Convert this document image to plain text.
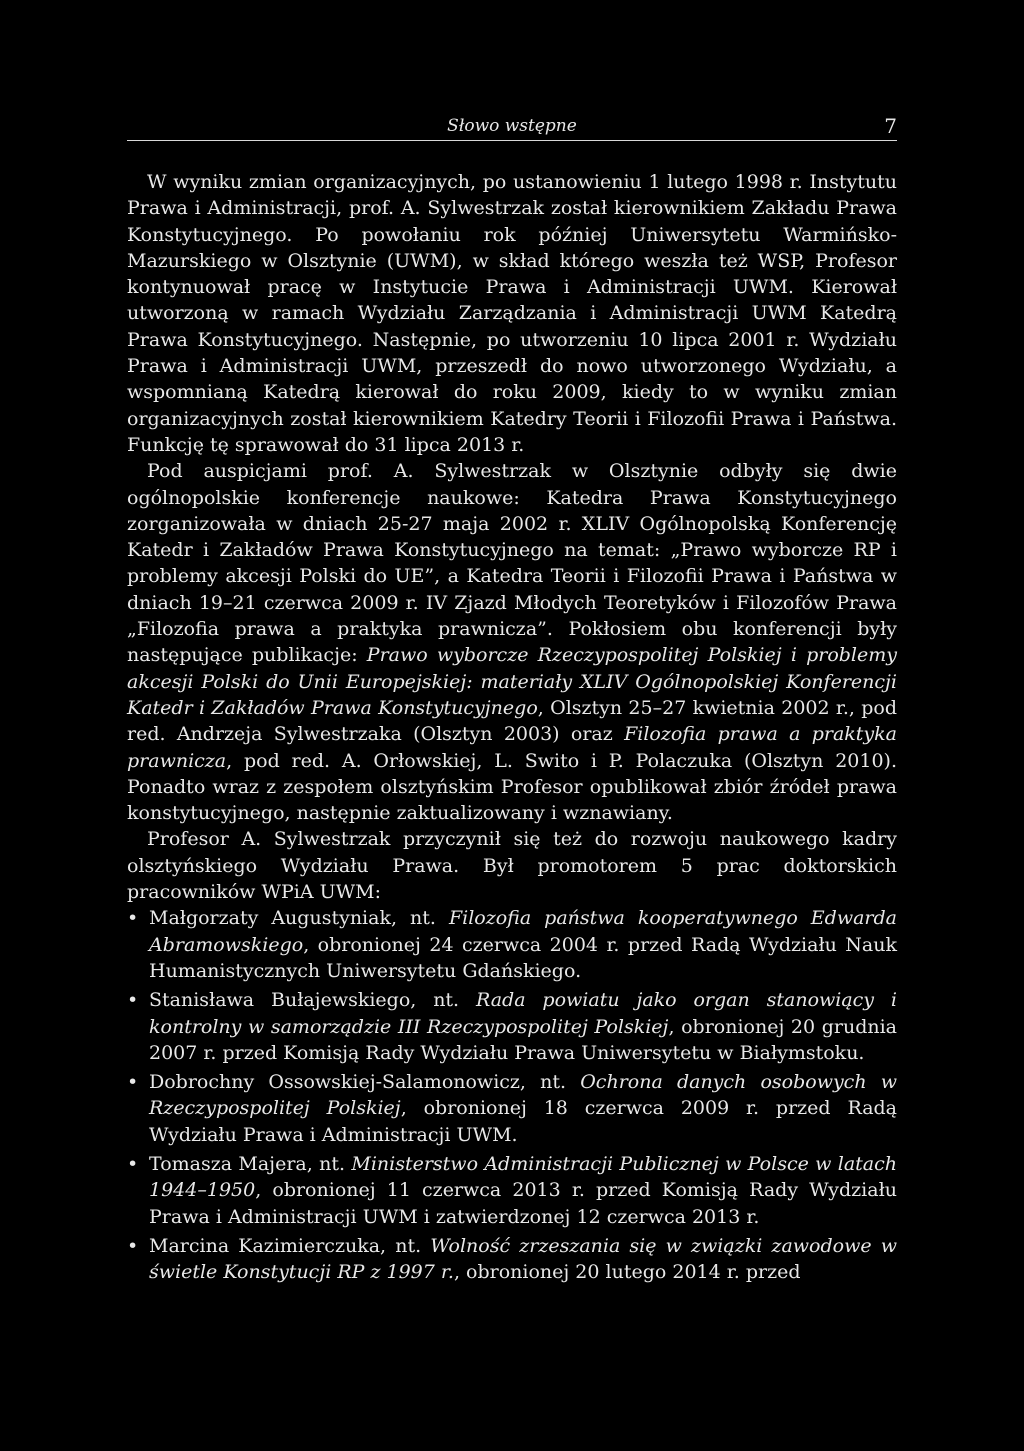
Słowo wstępne	7

W wyniku zmian organizacyjnych, po ustanowieniu 1 lutego 1998 r. Instytutu Prawa i Administracji, prof. A. Sylwestrzak został kierownikiem Zakładu Prawa Konstytucyjnego. Po powołaniu rok później Uniwersytetu Warmińsko-Mazurskiego w Olsztynie (UWM), w skład którego weszła też WSP, Profesor kontynuował pracę w Instytucie Prawa i Administracji UWM. Kierował utworzoną w ramach Wydziału Zarządzania i Administracji UWM Katedrą Prawa Konstytucyjnego. Następnie, po utworzeniu 10 lipca 2001 r. Wydziału Prawa i Administracji UWM, przeszedł do nowo utworzonego Wydziału, a wspomnianą Katedrą kierował do roku 2009, kiedy to w wyniku zmian organizacyjnych został kierownikiem Katedry Teorii i Filozofii Prawa i Państwa. Funkcję tę sprawował do 31 lipca 2013 r.

Pod auspicjami prof. A. Sylwestrzak w Olsztynie odbyły się dwie ogólnopolskie konferencje naukowe: Katedra Prawa Konstytucyjnego zorganizowała w dniach 25-27 maja 2002 r. XLIV Ogólnopolską Konferencję Katedr i Zakładów Prawa Konstytucyjnego na temat: „Prawo wyborcze RP i problemy akcesji Polski do UE”, a Katedra Teorii i Filozofii Prawa i Państwa w dniach 19–21 czerwca 2009 r. IV Zjazd Młodych Teoretyków i Filozofów Prawa „Filozofia prawa a praktyka prawnicza”. Pokłosiem obu konferencji były następujące publikacje: Prawo wyborcze Rzeczypospolitej Polskiej i problemy akcesji Polski do Unii Europejskiej: materiały XLIV Ogólnopolskiej Konferencji Katedr i Zakładów Prawa Konstytucyjnego, Olsztyn 25–27 kwietnia 2002 r., pod red. Andrzeja Sylwestrzaka (Olsztyn 2003) oraz Filozofia prawa a praktyka prawnicza, pod red. A. Orłowskiej, L. Swito i P. Polaczuka (Olsztyn 2010). Ponadto wraz z zespołem olsztyńskim Profesor opublikował zbiór źródeł prawa konstytucyjnego, następnie zaktualizowany i wznawiany.

Profesor A. Sylwestrzak przyczynił się też do rozwoju naukowego kadry olsztyńskiego Wydziału Prawa. Był promotorem 5 prac doktorskich pracowników WPiA UWM:

• Małgorzaty Augustyniak, nt. Filozofia państwa kooperatywnego Edwarda Abramowskiego, obronionej 24 czerwca 2004 r. przed Radą Wydziału Nauk Humanistycznych Uniwersytetu Gdańskiego.
• Stanisława Bułajewskiego, nt. Rada powiatu jako organ stanowiący i kontrolny w samorządzie III Rzeczypospolitej Polskiej, obronionej 20 grudnia 2007 r. przed Komisją Rady Wydziału Prawa Uniwersytetu w Białymstoku.
• Dobrochny Ossowskiej-Salamonowicz, nt. Ochrona danych osobowych w Rzeczypospolitej Polskiej, obronionej 18 czerwca 2009 r. przed Radą Wydziału Prawa i Administracji UWM.
• Tomasza Majera, nt. Ministerstwo Administracji Publicznej w Polsce w latach 1944–1950, obronionej 11 czerwca 2013 r. przed Komisją Rady Wydziału Prawa i Administracji UWM i zatwierdzonej 12 czerwca 2013 r.
• Marcina Kazimierczuka, nt. Wolność zrzeszania się w związki zawodowe w świetle Konstytucji RP z 1997 r., obronionej 20 lutego 2014 r. przed
